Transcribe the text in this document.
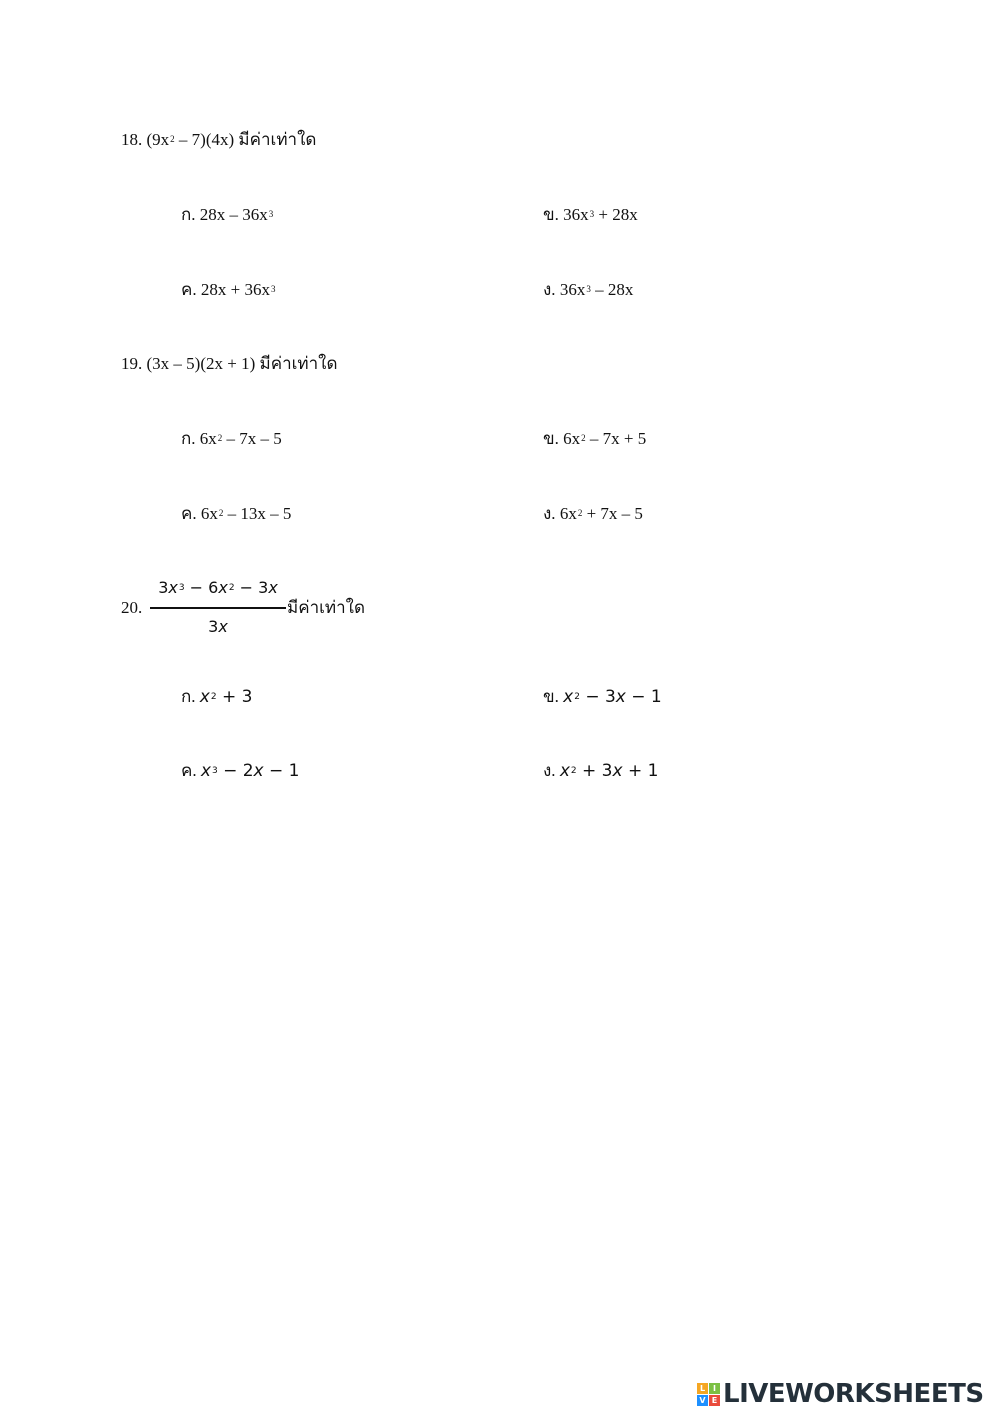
18. $(9x^2 - 7)(4x)$ มีค่าเท่าใด
ก. $28x - 36x^3$	ข. $36x^3 + 28x$
ค. $28x + 36x^3$	ง. $36x^3 - 28x$
19. (3x – 5)(2x + 1) มีค่าเท่าใด
ก. $6x^2 - 7x - 5$	ข. $6x^2 - 7x + 5$
ค. $6x^2 - 13x - 5$	ง. $6x^2 + 7x - 5$
20.
$3x^3 - 6x^2 - 3x$
3x
มีค่าเท่าใด
ก. $x^2 + 3$	ข. $x^2 - 3x - 1$
ค. $x^3 - 2x - 1$	ง. $x^2 + 3x + 1$
L I
V E LIVEWORKSHEETS
